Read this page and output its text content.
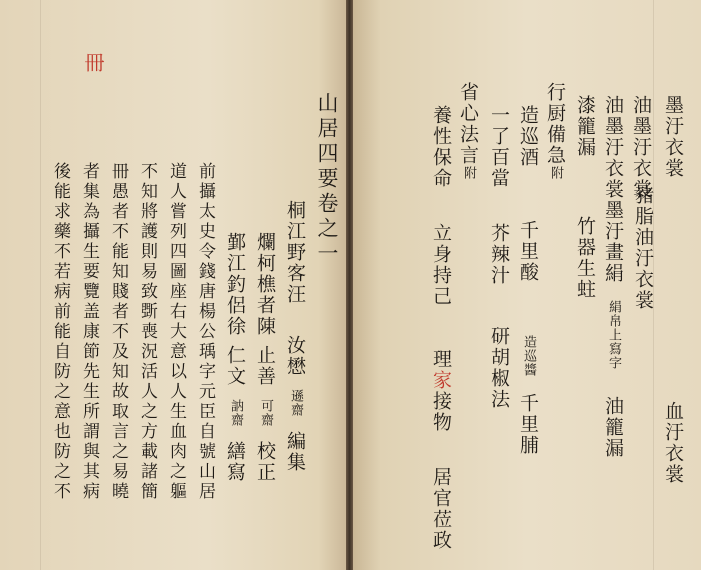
冊
山居四要卷之一
桐江野客汪汝懋遜齋編集
爛柯樵者陳止善可齋校正
鄞江釣侶徐仁文訥齋繕寫
前攝太史令錢唐楊公瑀字元臣自號山居
道人嘗列四圖座右大意以人生血肉之軀
不知將護則易致斲喪況活人之方載諸簡
冊愚者不能知賤者不及知故取言之易曉
者集為攝生要覽盖康節先生所謂與其病
後能求藥不若病前能自防之意也防之不
墨汙衣裳血汙衣裳
豬脂油汙衣裳
油墨汙衣裳墨汙畫絹絹帛上寫字油籠漏
油墨汙衣裳
漆籠漏竹器生蛀
行厨備急附
造巡酒千里酸造巡醬千里脯
一了百當芥辣汁研胡椒法
省心法言附
養性保命立身持己理家接物居官莅政
